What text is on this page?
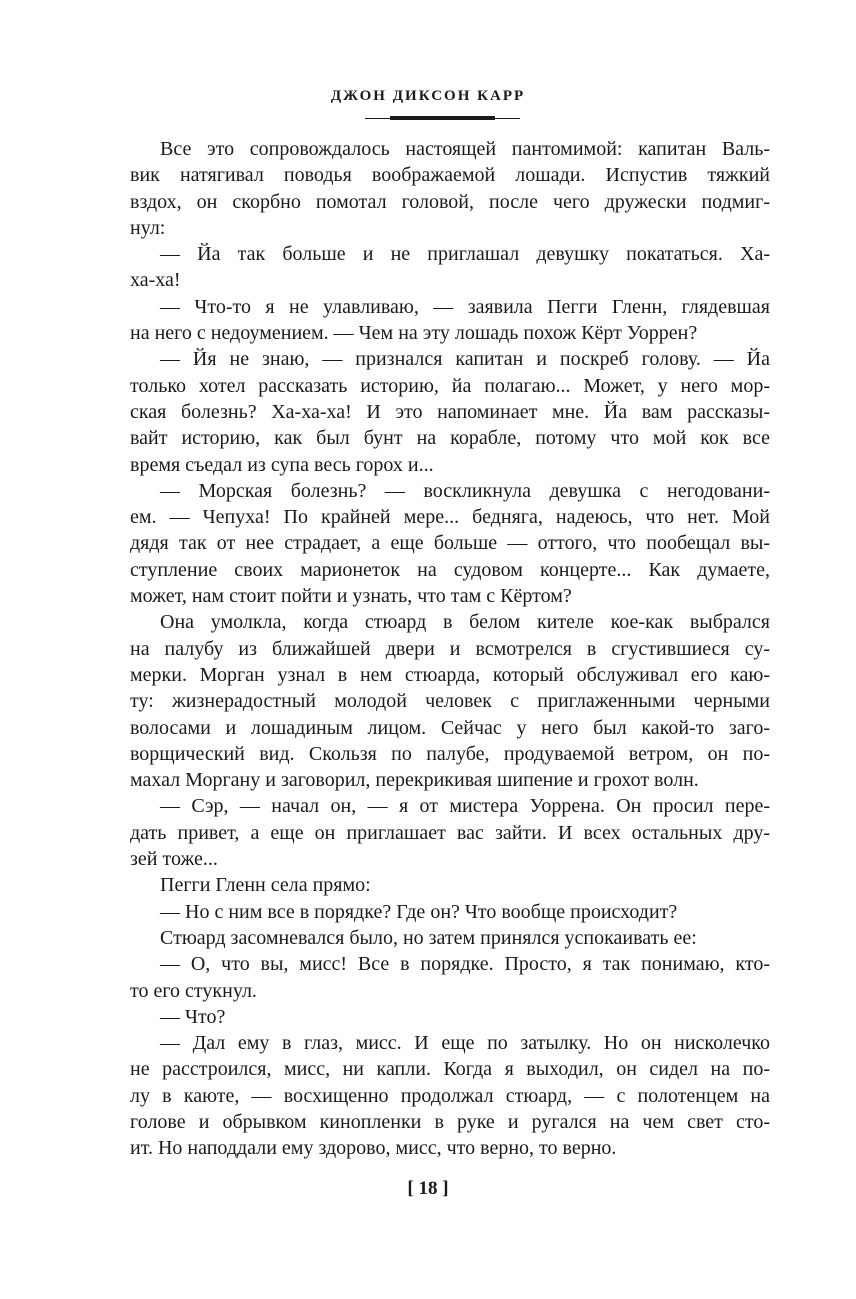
ДЖОН ДИКСОН КАРР
Все это сопровождалось настоящей пантомимой: капитан Валь-
вик натягивал поводья воображаемой лошади. Испустив тяжкий
вздох, он скорбно помотал головой, после чего дружески подмиг-
нул:
— Йа так больше и не приглашал девушку покататься. Ха-
ха-ха!
— Что-то я не улавливаю, — заявила Пегги Гленн, глядевшая
на него с недоумением. — Чем на эту лошадь похож Кёрт Уоррен?
— Йя не знаю, — признался капитан и поскреб голову. — Йа
только хотел рассказать историю, йа полагаю... Может, у него мор-
ская болезнь? Ха-ха-ха! И это напоминает мне. Йа вам рассказы-
вайт историю, как был бунт на корабле, потому что мой кок все
время съедал из супа весь горох и...
— Морская болезнь? — воскликнула девушка с негодовани-
ем. — Чепуха! По крайней мере... бедняга, надеюсь, что нет. Мой
дядя так от нее страдает, а еще больше — оттого, что пообещал вы-
ступление своих марионеток на судовом концерте... Как думаете,
может, нам стоит пойти и узнать, что там с Кёртом?
Она умолкла, когда стюард в белом кителе кое-как выбрался
на палубу из ближайшей двери и всмотрелся в сгустившиеся су-
мерки. Морган узнал в нем стюарда, который обслуживал его каю-
ту: жизнерадостный молодой человек с приглаженными черными
волосами и лошадиным лицом. Сейчас у него был какой-то заго-
ворщический вид. Скользя по палубе, продуваемой ветром, он по-
махал Моргану и заговорил, перекрикивая шипение и грохот волн.
— Сэр, — начал он, — я от мистера Уоррена. Он просил пере-
дать привет, а еще он приглашает вас зайти. И всех остальных дру-
зей тоже...
Пегги Гленн села прямо:
— Но с ним все в порядке? Где он? Что вообще происходит?
Стюард засомневался было, но затем принялся успокаивать ее:
— О, что вы, мисс! Все в порядке. Просто, я так понимаю, кто-
то его стукнул.
— Что?
— Дал ему в глаз, мисс. И еще по затылку. Но он нисколечко
не расстроился, мисс, ни капли. Когда я выходил, он сидел на по-
лу в каюте, — восхищенно продолжал стюард, — с полотенцем на
голове и обрывком кинопленки в руке и ругался на чем свет сто-
ит. Но наподдали ему здорово, мисс, что верно, то верно.
[ 18 ]
